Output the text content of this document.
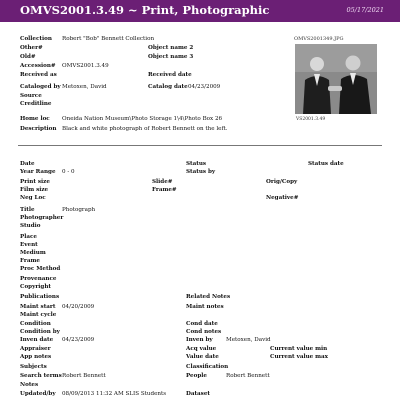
OMVS2001.3.49 ~ Print, Photographic	05/17/2021
Collection Robert "Bob" Bennett Collection
Other#	Object name 2
Old#	Object name 3
Accession# OMVS2001.3.49
Received as	Received date
Cataloged by Metoxen, David	Catalog date 04/23/2009
Source
Creditline
Home loc Oneida Nation Museum\Photo Storage 1\4\Photo Box 26
Description Black and white photograph of Robert Bennett on the left.
OMVS2001349.JPG
VS2001.3.49
Date	Status	Status date
Year Range 0 - 0	Status by
Print size	Slide#	Orig/Copy
Film size	Frame#
Neg Loc	Negative#
Title	Photograph
Photographer
Studio
Place
Event
Medium
Frame
Proc Method
Provenance
Copyright
Publications	Related Notes
Maint start 04/20/2009	Maint notes
Maint cycle
Condition	Cond date
Condition by	Cond notes
Inven date 04/23/2009	Inven by Metoxen, David
Appraiser	Acq value	Current value min
App notes	Value date	Current value max
Subjects	Classification
Search terms Robert Bennett	People	Robert Bennett
Notes
Updated/by 08/09/2013 11:32 AM SLIS Students	Dataset
